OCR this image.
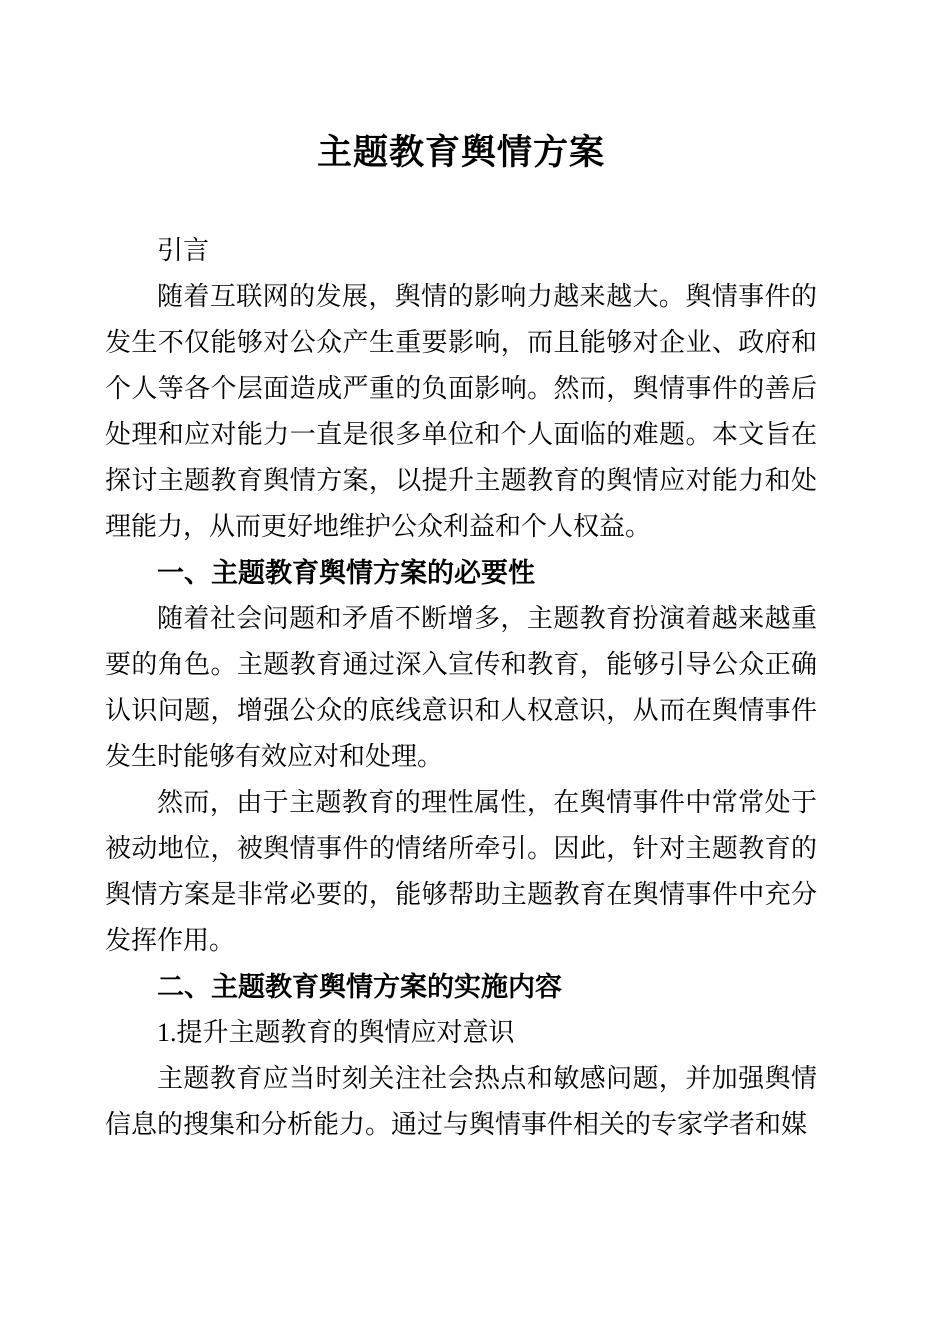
主题教育舆情方案

引言

随着互联网的发展，舆情的影响力越来越大。舆情事件的发生不仅能够对公众产生重要影响，而且能够对企业、政府和个人等各个层面造成严重的负面影响。然而，舆情事件的善后处理和应对能力一直是很多单位和个人面临的难题。本文旨在探讨主题教育舆情方案，以提升主题教育的舆情应对能力和处理能力，从而更好地维护公众利益和个人权益。

一、主题教育舆情方案的必要性

随着社会问题和矛盾不断增多，主题教育扮演着越来越重要的角色。主题教育通过深入宣传和教育，能够引导公众正确认识问题，增强公众的底线意识和人权意识，从而在舆情事件发生时能够有效应对和处理。

然而，由于主题教育的理性属性，在舆情事件中常常处于被动地位，被舆情事件的情绪所牵引。因此，针对主题教育的舆情方案是非常必要的，能够帮助主题教育在舆情事件中充分发挥作用。

二、主题教育舆情方案的实施内容

1.提升主题教育的舆情应对意识

主题教育应当时刻关注社会热点和敏感问题，并加强舆情信息的搜集和分析能力。通过与舆情事件相关的专家学者和媒
